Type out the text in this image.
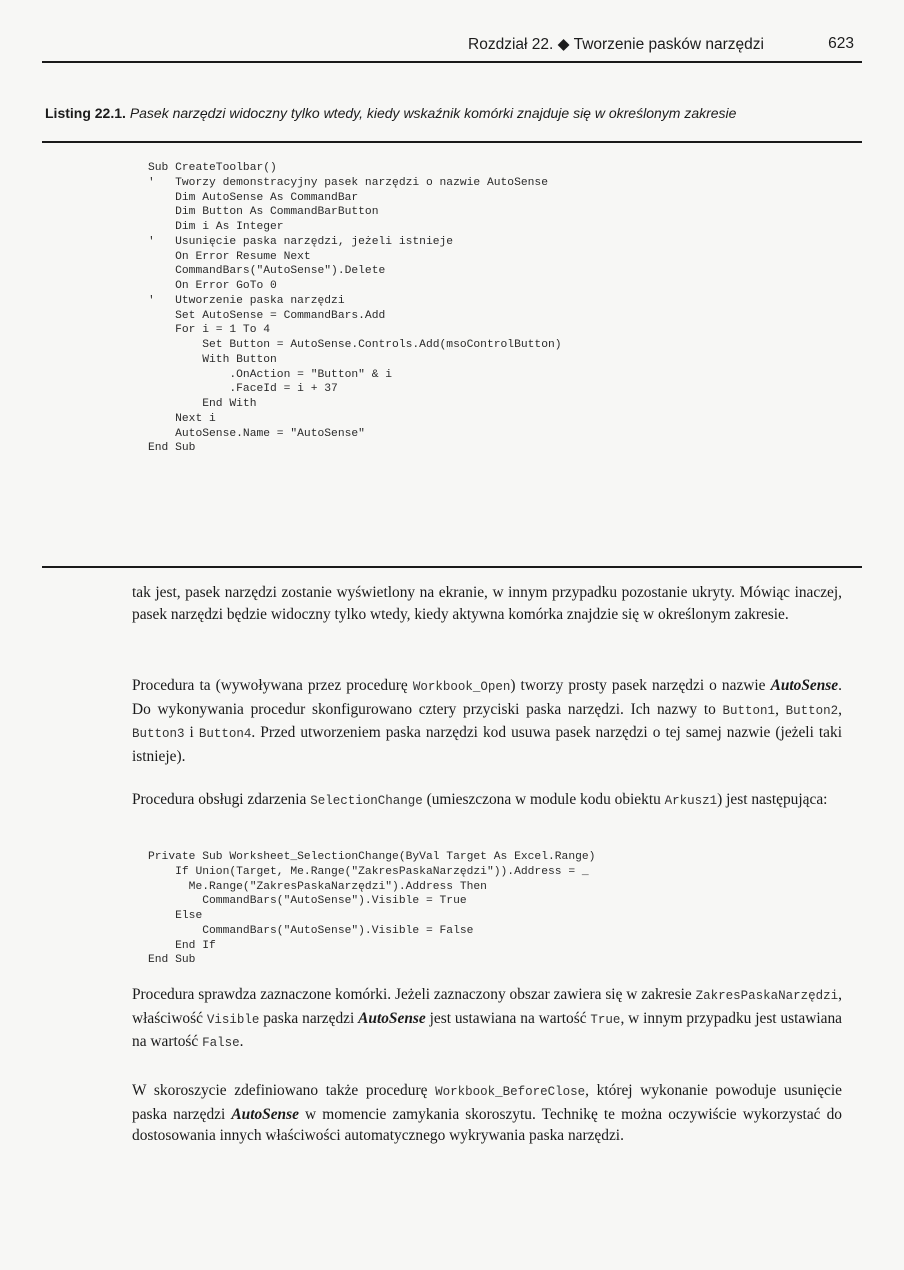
Rozdział 22. ◆ Tworzenie pasków narzędzi	623
Listing 22.1. Pasek narzędzi widoczny tylko wtedy, kiedy wskaźnik komórki znajduje się w określonym zakresie
Sub CreateToolbar()
'   Tworzy demonstracyjny pasek narzędzi o nazwie AutoSense
Dim AutoSense As CommandBar
Dim Button As CommandBarButton
Dim i As Integer
'   Usunięcie paska narzędzi, jeżeli istnieje
On Error Resume Next
CommandBars("AutoSense").Delete
On Error GoTo 0
'   Utworzenie paska narzędzi
Set AutoSense = CommandBars.Add
For i = 1 To 4
Set Button = AutoSense.Controls.Add(msoControlButton)
With Button
.OnAction = "Button" & i
.FaceId = i + 37
End With
Next i
AutoSense.Name = "AutoSense"
End Sub

tak jest, pasek narzędzi zostanie wyświetlony na ekranie, w innym przypadku pozostanie ukryty. Mówiąc inaczej, pasek narzędzi będzie widoczny tylko wtedy, kiedy aktywna komórka znajdzie się w określonym zakresie.

Procedura ta (wywoływana przez procedurę Workbook_Open) tworzy prosty pasek narzędzi o nazwie AutoSense. Do wykonywania procedur skonfigurowano cztery przyciski paska narzędzi. Ich nazwy to Button1, Button2, Button3 i Button4. Przed utworzeniem paska narzędzi kod usuwa pasek narzędzi o tej samej nazwie (jeżeli taki istnieje).

Procedura obsługi zdarzenia SelectionChange (umieszczona w module kodu obiektu Arkusz1) jest następująca:

Private Sub Worksheet_SelectionChange(ByVal Target As Excel.Range)
If Union(Target, Me.Range("ZakresPaskaNarzędzi")).Address = _
Me.Range("ZakresPaskaNarzędzi").Address Then
CommandBars("AutoSense").Visible = True
Else
CommandBars("AutoSense").Visible = False
End If
End Sub

Procedura sprawdza zaznaczone komórki. Jeżeli zaznaczony obszar zawiera się w zakresie ZakresPaskaNarzędzi, właściwość Visible paska narzędzi AutoSense jest ustawiana na wartość True, w innym przypadku jest ustawiana na wartość False.

W skoroszycie zdefiniowano także procedurę Workbook_BeforeClose, której wykonanie powoduje usunięcie paska narzędzi AutoSense w momencie zamykania skoroszytu. Technikę te można oczywiście wykorzystać do dostosowania innych właściwości automatycznego wykrywania paska narzędzi.
